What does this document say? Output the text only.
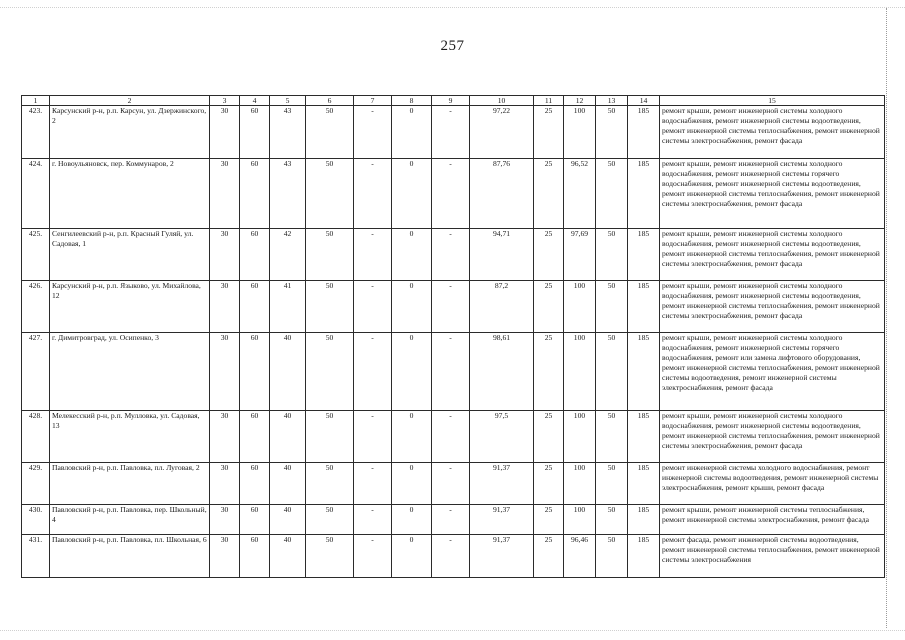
257
1	2	3	4	5	6	7	8	9	10	11	12	13	14	15
423.	Карсунский р-н, р.п. Карсун, ул. Дзержинского, 2	30	60	43	50	-	0	-	97,22	25	100	50	185	ремонт крыши, ремонт инженерной системы холодного водоснабжения, ремонт инженерной системы водоотведения, ремонт инженерной системы теплоснабжения, ремонт инженерной системы электроснабжения, ремонт фасада
424.	г. Новоульяновск, пер. Коммунаров, 2	30	60	43	50	-	0	-	87,76	25	96,52	50	185	ремонт крыши, ремонт инженерной системы холодного водоснабжения, ремонт инженерной системы горячего водоснабжения, ремонт инженерной системы водоотведения, ремонт инженерной системы теплоснабжения, ремонт инженерной системы электроснабжения, ремонт фасада
425.	Сенгилеевский р-н, р.п. Красный Гуляй, ул. Садовая, 1	30	60	42	50	-	0	-	94,71	25	97,69	50	185	ремонт крыши, ремонт инженерной системы холодного водоснабжения, ремонт инженерной системы водоотведения, ремонт инженерной системы теплоснабжения, ремонт инженерной системы электроснабжения, ремонт фасада
426.	Карсунский р-н, р.п. Языково, ул. Михайлова, 12	30	60	41	50	-	0	-	87,2	25	100	50	185	ремонт крыши, ремонт инженерной системы холодного водоснабжения, ремонт инженерной системы водоотведения, ремонт инженерной системы теплоснабжения, ремонт инженерной системы электроснабжения, ремонт фасада
427.	г. Димитровград, ул. Осипенко, 3	30	60	40	50	-	0	-	98,61	25	100	50	185	ремонт крыши, ремонт инженерной системы холодного водоснабжения, ремонт инженерной системы горячего водоснабжения, ремонт или замена лифтового оборудования, ремонт инженерной системы теплоснабжения, ремонт инженерной системы водоотведения, ремонт инженерной системы электроснабжения, ремонт фасада
428.	Мелекесский р-н, р.п. Мулловка, ул. Садовая, 13	30	60	40	50	-	0	-	97,5	25	100	50	185	ремонт крыши, ремонт инженерной системы холодного водоснабжения, ремонт инженерной системы водоотведения, ремонт инженерной системы теплоснабжения, ремонт инженерной системы электроснабжения, ремонт фасада
429.	Павловский р-н, р.п. Павловка, пл. Луговая, 2	30	60	40	50	-	0	-	91,37	25	100	50	185	ремонт инженерной системы холодного водоснабжения, ремонт инженерной системы водоотведения, ремонт инженерной системы электроснабжения, ремонт крыши, ремонт фасада
430.	Павловский р-н, р.п. Павловка, пер. Школьный, 4	30	60	40	50	-	0	-	91,37	25	100	50	185	ремонт крыши, ремонт инженерной системы теплоснабжения, ремонт инженерной системы электроснабжения, ремонт фасада
431.	Павловский р-н, р.п. Павловка, пл. Школьная, 6	30	60	40	50	-	0	-	91,37	25	96,46	50	185	ремонт фасада, ремонт инженерной системы водоотведения, ремонт инженерной системы теплоснабжения, ремонт инженерной системы электроснабжения
